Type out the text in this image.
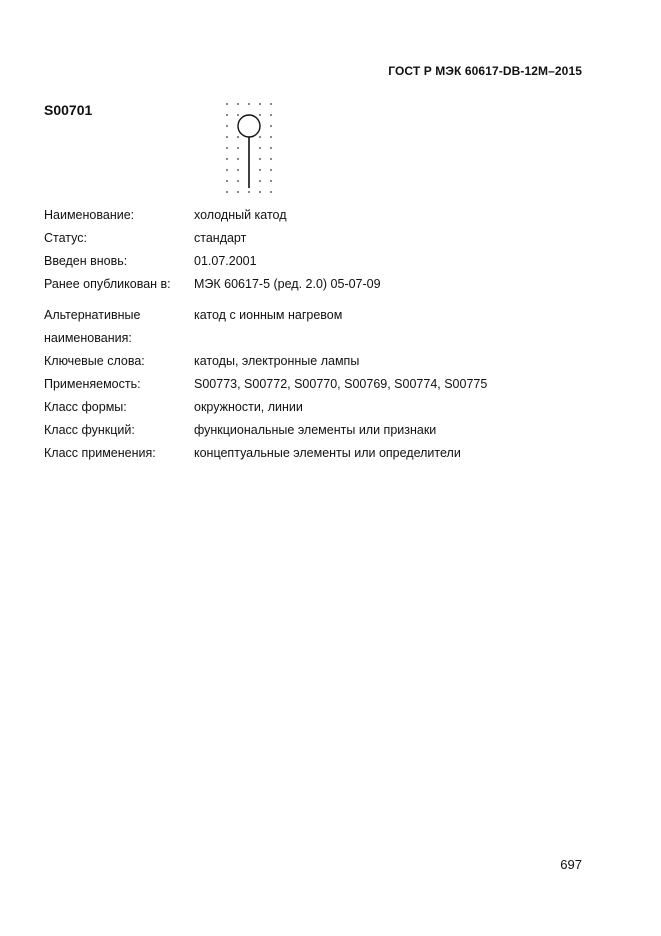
ГОСТ Р МЭК 60617-DB-12M–2015
S00701
Наименование:	холодный катод
Статус:	стандарт
Введен вновь:	01.07.2001
Ранее опубликован в:	МЭК 60617-5 (ред. 2.0) 05-07-09
Альтернативные наименования:
катод с ионным нагревом
Ключевые слова:	катоды, электронные лампы
Применяемость:	S00773, S00772, S00770, S00769, S00774, S00775
Класс формы:	окружности, линии
Класс функций:	функциональные элементы или признаки
Класс применения:	концептуальные элементы или определители
697
